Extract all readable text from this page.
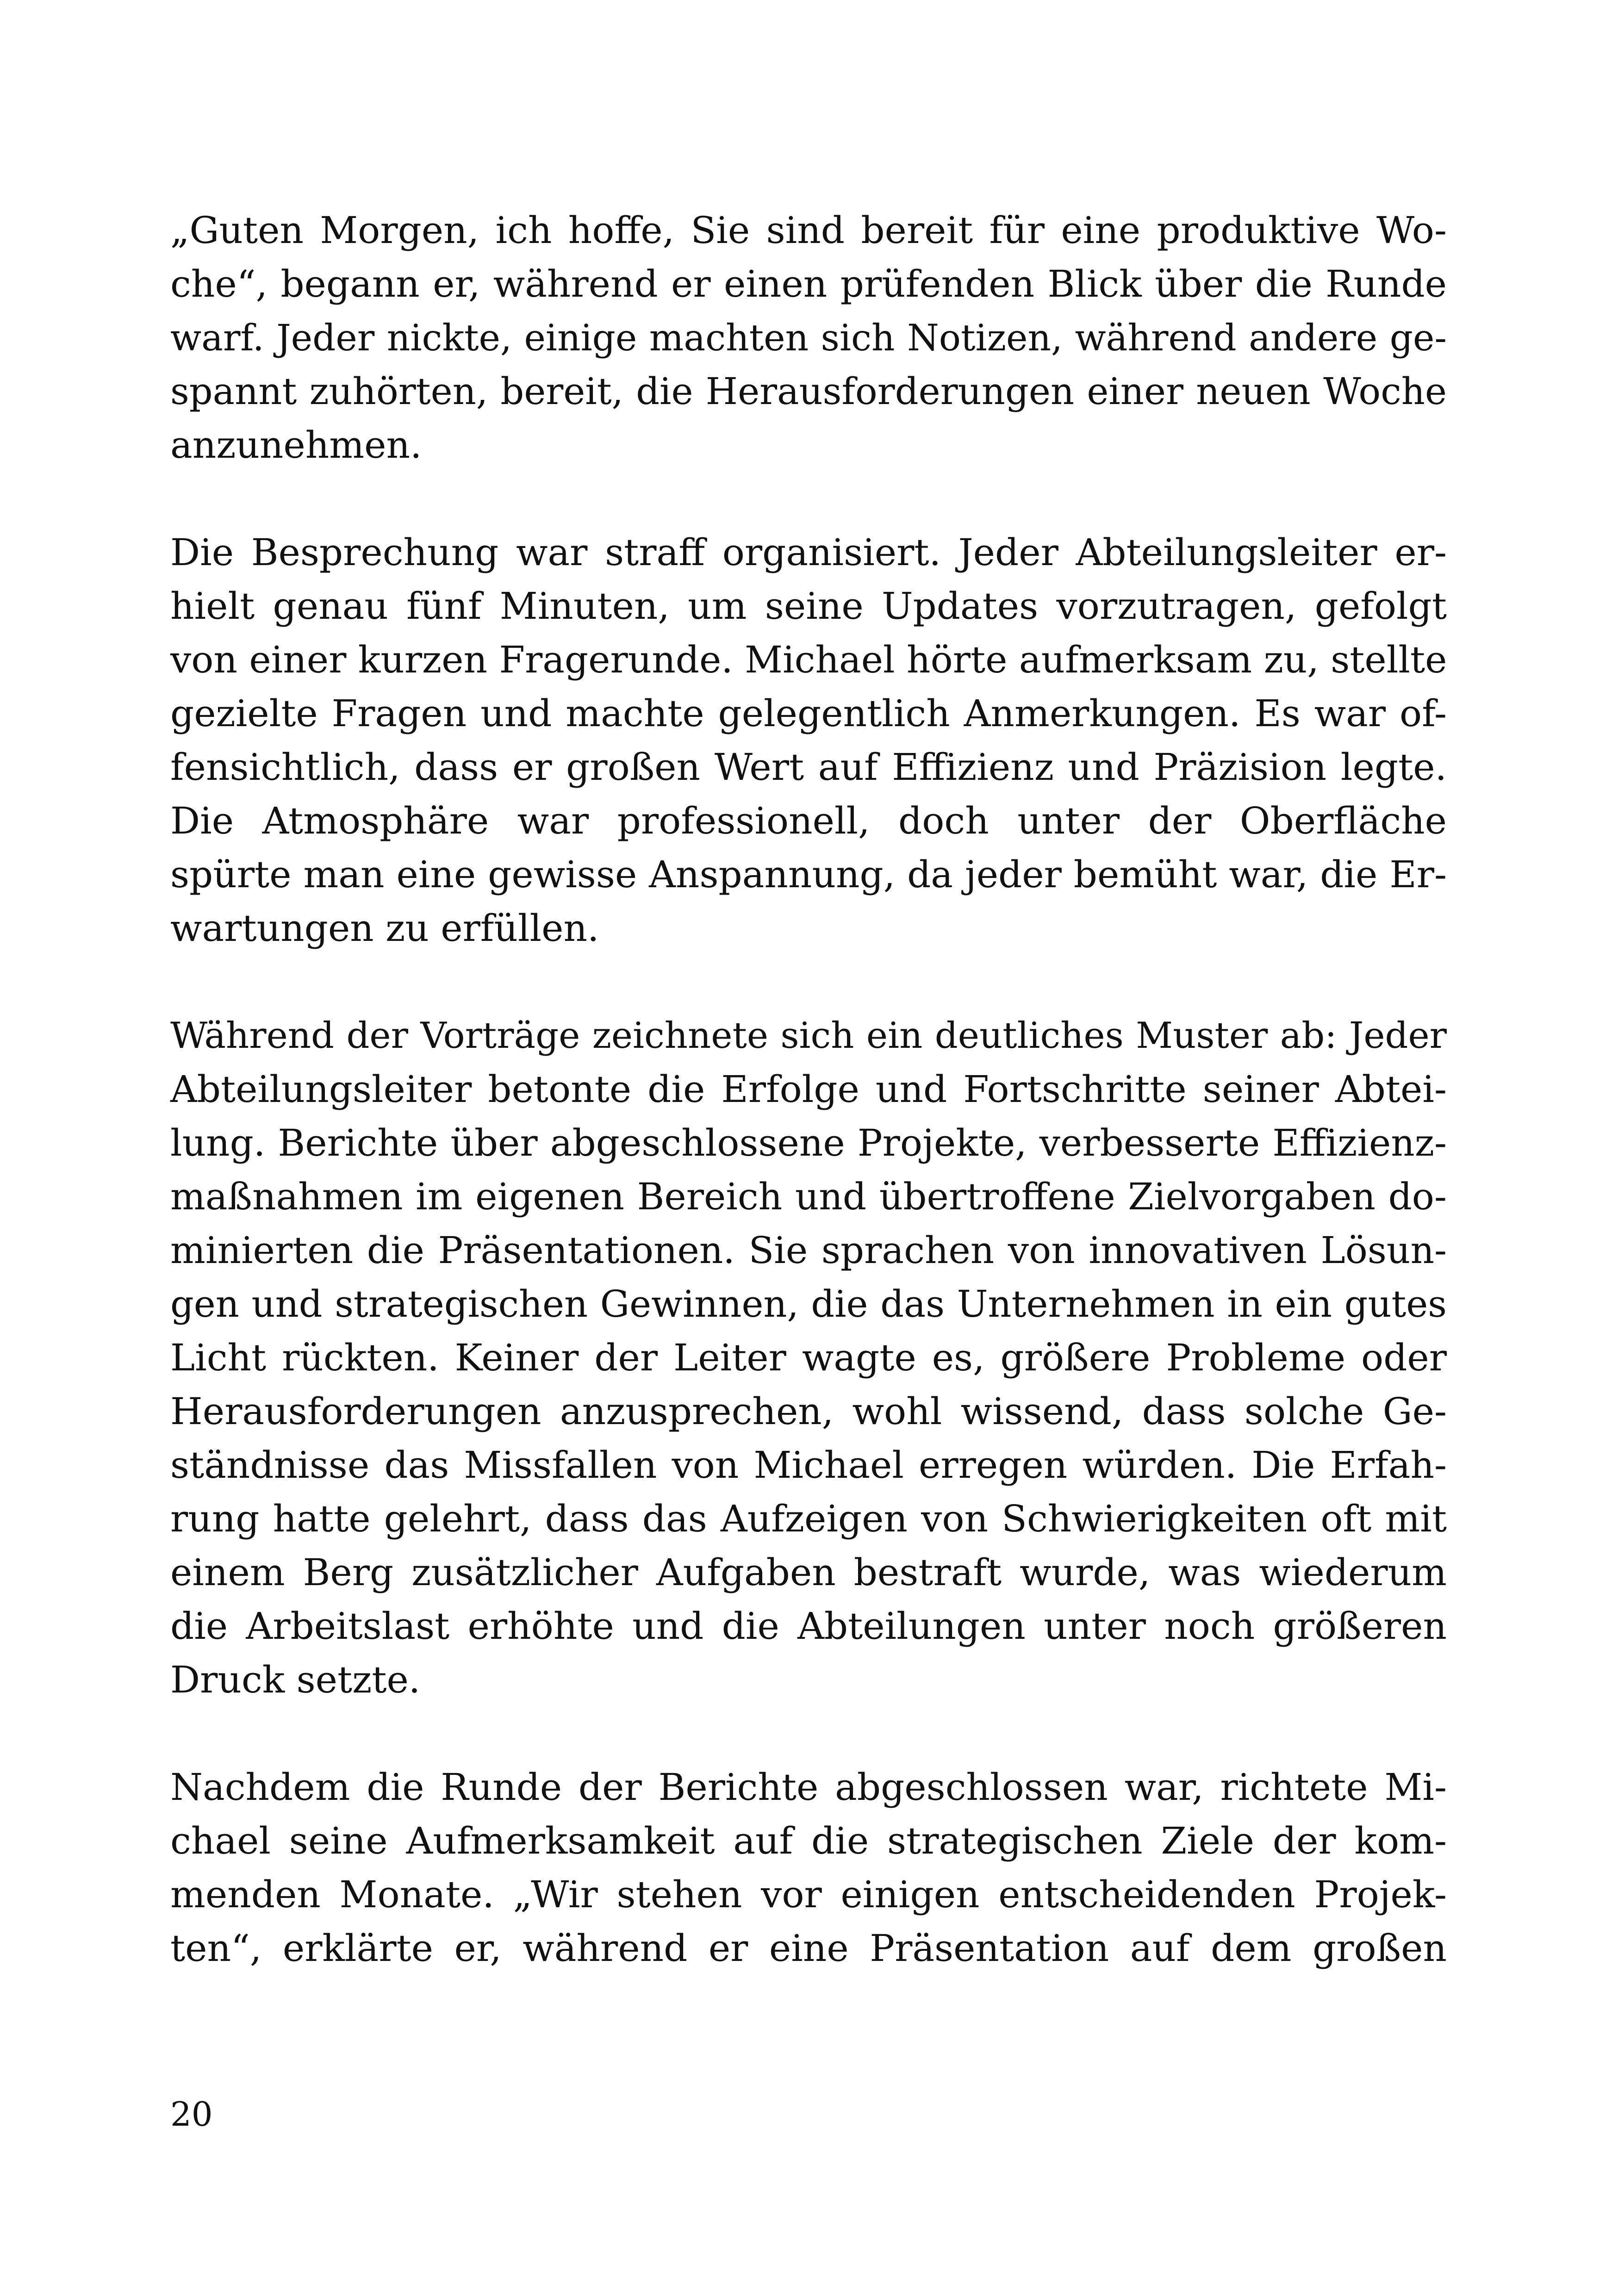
„Guten Morgen, ich hoffe, Sie sind bereit für eine produktive Wo-
che“, begann er, während er einen prüfenden Blick über die Runde
warf. Jeder nickte, einige machten sich Notizen, während andere ge-
spannt zuhörten, bereit, die Herausforderungen einer neuen Woche
anzunehmen.

Die Besprechung war straff organisiert. Jeder Abteilungsleiter er-
hielt genau fünf Minuten, um seine Updates vorzutragen, gefolgt
von einer kurzen Fragerunde. Michael hörte aufmerksam zu, stellte
gezielte Fragen und machte gelegentlich Anmerkungen. Es war of-
fensichtlich, dass er großen Wert auf Effizienz und Präzision legte.
Die Atmosphäre war professionell, doch unter der Oberfläche
spürte man eine gewisse Anspannung, da jeder bemüht war, die Er-
wartungen zu erfüllen.

Während der Vorträge zeichnete sich ein deutliches Muster ab: Jeder
Abteilungsleiter betonte die Erfolge und Fortschritte seiner Abtei-
lung. Berichte über abgeschlossene Projekte, verbesserte Effizienz-
maßnahmen im eigenen Bereich und übertroffene Zielvorgaben do-
minierten die Präsentationen. Sie sprachen von innovativen Lösun-
gen und strategischen Gewinnen, die das Unternehmen in ein gutes
Licht rückten. Keiner der Leiter wagte es, größere Probleme oder
Herausforderungen anzusprechen, wohl wissend, dass solche Ge-
ständnisse das Missfallen von Michael erregen würden. Die Erfah-
rung hatte gelehrt, dass das Aufzeigen von Schwierigkeiten oft mit
einem Berg zusätzlicher Aufgaben bestraft wurde, was wiederum
die Arbeitslast erhöhte und die Abteilungen unter noch größeren
Druck setzte.

Nachdem die Runde der Berichte abgeschlossen war, richtete Mi-
chael seine Aufmerksamkeit auf die strategischen Ziele der kom-
menden Monate. „Wir stehen vor einigen entscheidenden Projek-
ten“, erklärte er, während er eine Präsentation auf dem großen

20
